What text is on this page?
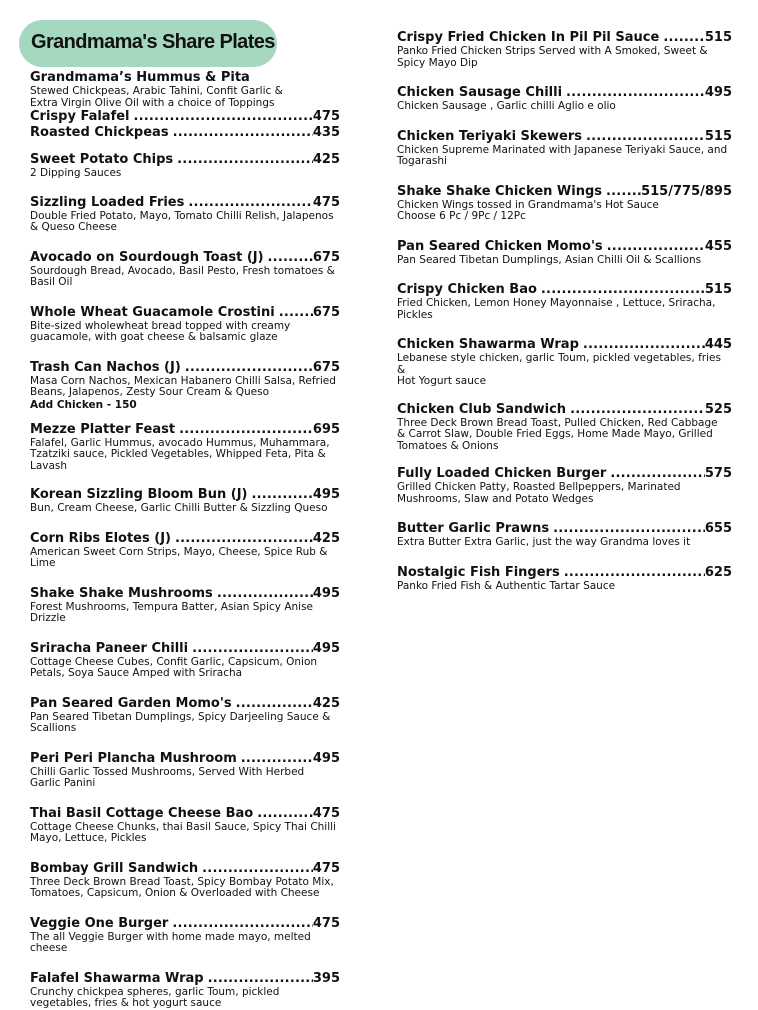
Grandmama's Share Plates
Grandmama’s Hummus & Pita
Stewed Chickpeas, Arabic Tahini, Confit Garlic &
Extra Virgin Olive Oil with a choice of Toppings
Crispy Falafel .....	475
Roasted Chickpeas .....	435
Sweet Potato Chips .....	425
2 Dipping Sauces
Sizzling Loaded Fries .....	475
Double Fried Potato, Mayo, Tomato Chilli Relish, Jalapenos
& Queso Cheese
Avocado on Sourdough Toast (J) .....	675
Sourdough Bread, Avocado, Basil Pesto, Fresh tomatoes &
Basil Oil
Whole Wheat Guacamole Crostini .....	675
Bite-sized wholewheat bread topped with creamy
guacamole, with goat cheese & balsamic glaze
Trash Can Nachos (J) .....	675
Masa Corn Nachos, Mexican Habanero Chilli Salsa, Refried
Beans, Jalapenos, Zesty Sour Cream & Queso
Add Chicken - 150
Mezze Platter Feast .....	695
Falafel, Garlic Hummus, avocado Hummus, Muhammara,
Tzatziki sauce, Pickled Vegetables, Whipped Feta, Pita &
Lavash
Korean Sizzling Bloom Bun (J) .....	495
Bun, Cream Cheese, Garlic Chilli Butter & Sizzling Queso
Corn Ribs Elotes (J) .....	425
American Sweet Corn Strips, Mayo, Cheese, Spice Rub &
Lime
Shake Shake Mushrooms .....	495
Forest Mushrooms, Tempura Batter, Asian Spicy Anise
Drizzle
Sriracha Paneer Chilli .....	495
Cottage Cheese Cubes, Confit Garlic, Capsicum, Onion
Petals, Soya Sauce Amped with Sriracha
Pan Seared Garden Momo's .....	425
Pan Seared Tibetan Dumplings, Spicy Darjeeling Sauce &
Scallions
Peri Peri Plancha Mushroom .....	495
Chilli Garlic Tossed Mushrooms, Served With Herbed
Garlic Panini
Thai Basil Cottage Cheese Bao .....	475
Cottage Cheese Chunks, thai Basil Sauce, Spicy Thai Chilli
Mayo, Lettuce, Pickles
Bombay Grill Sandwich .....	475
Three Deck Brown Bread Toast, Spicy Bombay Potato Mix,
Tomatoes, Capsicum, Onion & Overloaded with Cheese
Veggie One Burger .....	475
The all Veggie Burger with home made mayo, melted
cheese
Falafel Shawarma Wrap .....	395
Crunchy chickpea spheres, garlic Toum, pickled
vegetables, fries & hot yogurt sauce
Crispy Fried Chicken In Pil Pil Sauce .....	515
Panko Fried Chicken Strips Served with A Smoked, Sweet &
Spicy Mayo Dip
Chicken Sausage Chilli .....	495
Chicken Sausage , Garlic chilli Aglio e olio
Chicken Teriyaki Skewers .....	515
Chicken Supreme Marinated with Japanese Teriyaki Sauce, and
Togarashi
Shake Shake Chicken Wings .....	515/775/895
Chicken Wings tossed in Grandmama's Hot Sauce
Choose 6 Pc / 9Pc / 12Pc
Pan Seared Chicken Momo's .....	455
Pan Seared Tibetan Dumplings, Asian Chilli Oil & Scallions
Crispy Chicken Bao .....	515
Fried Chicken, Lemon Honey Mayonnaise , Lettuce, Sriracha,
Pickles
Chicken Shawarma Wrap .....	445
Lebanese style chicken, garlic Toum, pickled vegetables, fries &
Hot Yogurt sauce
Chicken Club Sandwich .....	525
Three Deck Brown Bread Toast, Pulled Chicken, Red Cabbage
& Carrot Slaw, Double Fried Eggs, Home Made Mayo, Grilled
Tomatoes & Onions
Fully Loaded Chicken Burger .....	575
Grilled Chicken Patty, Roasted Bellpeppers, Marinated
Mushrooms, Slaw and Potato Wedges
Butter Garlic Prawns .....	655
Extra Butter Extra Garlic, just the way Grandma loves it
Nostalgic Fish Fingers .....	625
Panko Fried Fish & Authentic Tartar Sauce
